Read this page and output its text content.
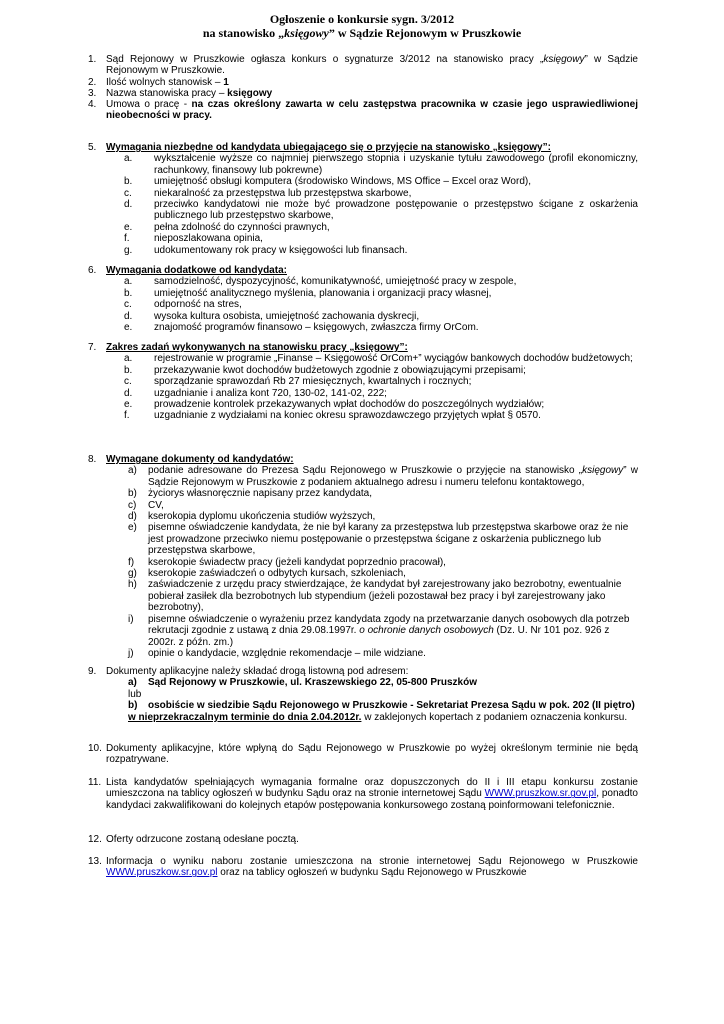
Ogłoszenie o konkursie sygn. 3/2012
na stanowisko „księgowy” w Sądzie Rejonowym w Pruszkowie
1. Sąd Rejonowy w Pruszkowie ogłasza konkurs o sygnaturze 3/2012 na stanowisko pracy „księgowy” w Sądzie Rejonowym w Pruszkowie.
2. Ilość wolnych stanowisk – 1
3. Nazwa stanowiska pracy – księgowy
4. Umowa o pracę - na czas określony zawarta w celu zastępstwa pracownika w czasie jego usprawiedliwionej nieobecności w pracy.
5. Wymagania niezbędne od kandydata ubiegającego się o przyjęcie na stanowisko „księgowy”:
a. wykształcenie wyższe co najmniej pierwszego stopnia i uzyskanie tytułu zawodowego (profil ekonomiczny, rachunkowy, finansowy lub pokrewne)
b. umiejętność obsługi komputera (środowisko Windows, MS Office – Excel oraz Word),
c. niekaralność za przestępstwa lub przestępstwa skarbowe,
d. przeciwko kandydatowi nie może być prowadzone postępowanie o przestępstwo ścigane z oskarżenia publicznego lub przestępstwo skarbowe,
e. pełna zdolność do czynności prawnych,
f. nieposzlakowana opinia,
g. udokumentowany rok pracy w księgowości lub finansach.
6. Wymagania dodatkowe od kandydata:
a. samodzielność, dyspozycyjność, komunikatywność, umiejętność pracy w zespole,
b. umiejętność analitycznego myślenia, planowania i organizacji pracy własnej,
c. odporność na stres,
d. wysoka kultura osobista, umiejętność zachowania dyskrecji,
e. znajomość programów finansowo – księgowych, zwłaszcza firmy OrCom.
7. Zakres zadań wykonywanych na stanowisku pracy „księgowy”:
a. rejestrowanie w programie „Finanse – Księgowość OrCom+” wyciągów bankowych dochodów budżetowych;
b. przekazywanie kwot dochodów budżetowych zgodnie z obowiązującymi przepisami;
c. sporządzanie sprawozdań Rb 27 miesięcznych, kwartalnych i rocznych;
d. uzgadnianie i analiza kont 720, 130-02, 141-02, 222;
e. prowadzenie kontrolek przekazywanych wpłat dochodów do poszczególnych wydziałów;
f. uzgadnianie z wydziałami na koniec okresu sprawozdawczego przyjętych wpłat § 0570.
8. Wymagane dokumenty od kandydatów:
a) podanie adresowane do Prezesa Sądu Rejonowego w Pruszkowie o przyjęcie na stanowisko „księgowy” w Sądzie Rejonowym w Pruszkowie z podaniem aktualnego adresu i numeru telefonu kontaktowego,
b) życiorys własnoręcznie napisany przez kandydata,
c) CV,
d) kserokopia dyplomu ukończenia studiów wyższych,
e) pisemne oświadczenie kandydata, że nie był karany za przestępstwa lub przestępstwa skarbowe oraz że nie jest prowadzone przeciwko niemu postępowanie o przestępstwa ścigane z oskarżenia publicznego lub przestępstwa skarbowe,
f) kserokopie świadectw pracy (jeżeli kandydat poprzednio pracował),
g) kserokopie zaświadczeń o odbytych kursach, szkoleniach,
h) zaświadczenie z urzędu pracy stwierdzające, że kandydat był zarejestrowany jako bezrobotny, ewentualnie pobierał zasiłek dla bezrobotnych lub stypendium (jeżeli pozostawał bez pracy i był zarejestrowany jako bezrobotny),
i) pisemne oświadczenie o wyrażeniu przez kandydata zgody na przetwarzanie danych osobowych dla potrzeb rekrutacji zgodnie z ustawą z dnia 29.08.1997r. o ochronie danych osobowych (Dz. U. Nr 101 poz. 926 z 2002r. z późn. zm.)
j) opinie o kandydacie, względnie rekomendacje – mile widziane.
9. Dokumenty aplikacyjne należy składać drogą listowną pod adresem:
a) Sąd Rejonowy w Pruszkowie, ul. Kraszewskiego 22, 05-800 Pruszków
lub
b) osobiście w siedzibie Sądu Rejonowego w Pruszkowie - Sekretariat Prezesa Sądu w pok. 202 (II piętro)
w nieprzekraczalnym terminie do dnia 2.04.2012r. w zaklejonych kopertach z podaniem oznaczenia konkursu.
10. Dokumenty aplikacyjne, które wpłyną do Sądu Rejonowego w Pruszkowie po wyżej określonym terminie nie będą rozpatrywane.
11. Lista kandydatów spełniających wymagania formalne oraz dopuszczonych do II i III etapu konkursu zostanie umieszczona na tablicy ogłoszeń w budynku Sądu oraz na stronie internetowej Sądu WWW.pruszkow.sr.gov.pl, ponadto kandydaci zakwalifikowani do kolejnych etapów postępowania konkursowego zostaną poinformowani telefonicznie.
12. Oferty odrzucone zostaną odesłane pocztą.
13. Informacja o wyniku naboru zostanie umieszczona na stronie internetowej Sądu Rejonowego w Pruszkowie WWW.pruszkow.sr.gov.pl oraz na tablicy ogłoszeń w budynku Sądu Rejonowego w Pruszkowie
